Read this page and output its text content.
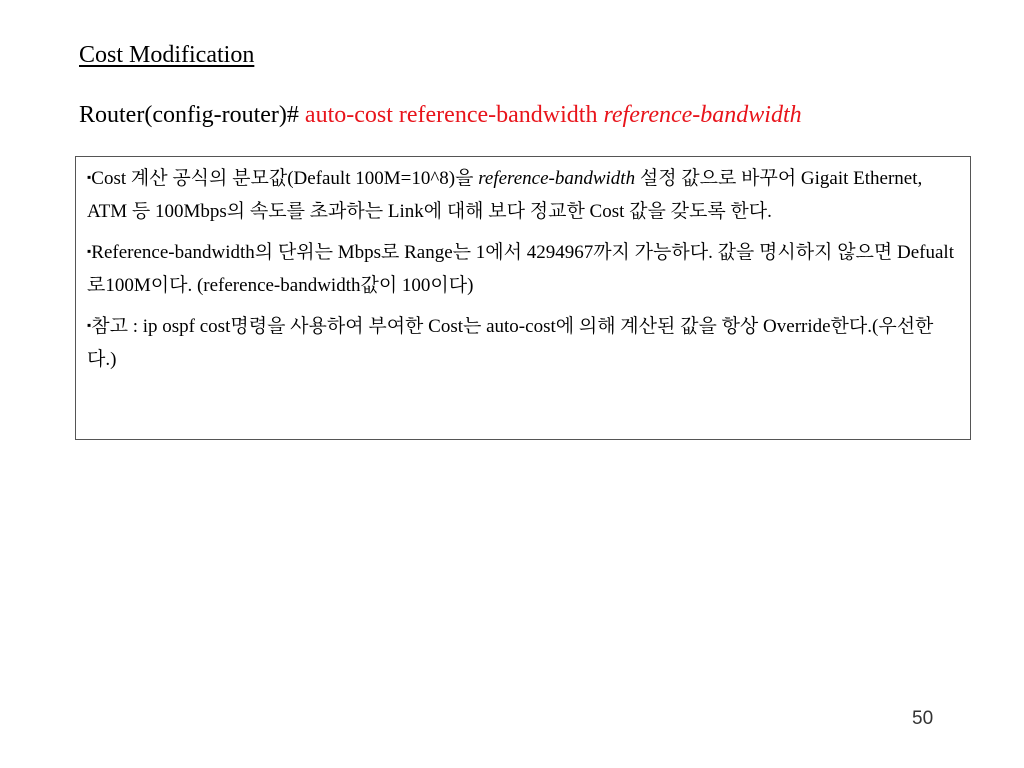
Cost Modification
Router(config-router)# auto-cost reference-bandwidth reference-bandwidth

▪Cost 계산 공식의 분모값(Default 100M=10^8)을 reference-bandwidth 설정 값으로 바꾸어 Gigait Ethernet, ATM 등 100Mbps의 속도를 초과하는 Link에 대해 보다 정교한 Cost 값을 갖도록 한다.

▪Reference-bandwidth의 단위는 Mbps로 Range는 1에서 4294967까지 가능하다. 값을 명시하지 않으면 Defualt로100M이다. (reference-bandwidth값이 100이다)

▪참고 : ip ospf cost명령을 사용하여 부여한 Cost는 auto-cost에 의해 계산된 값을 항상 Override한다.(우선한다.)

50
